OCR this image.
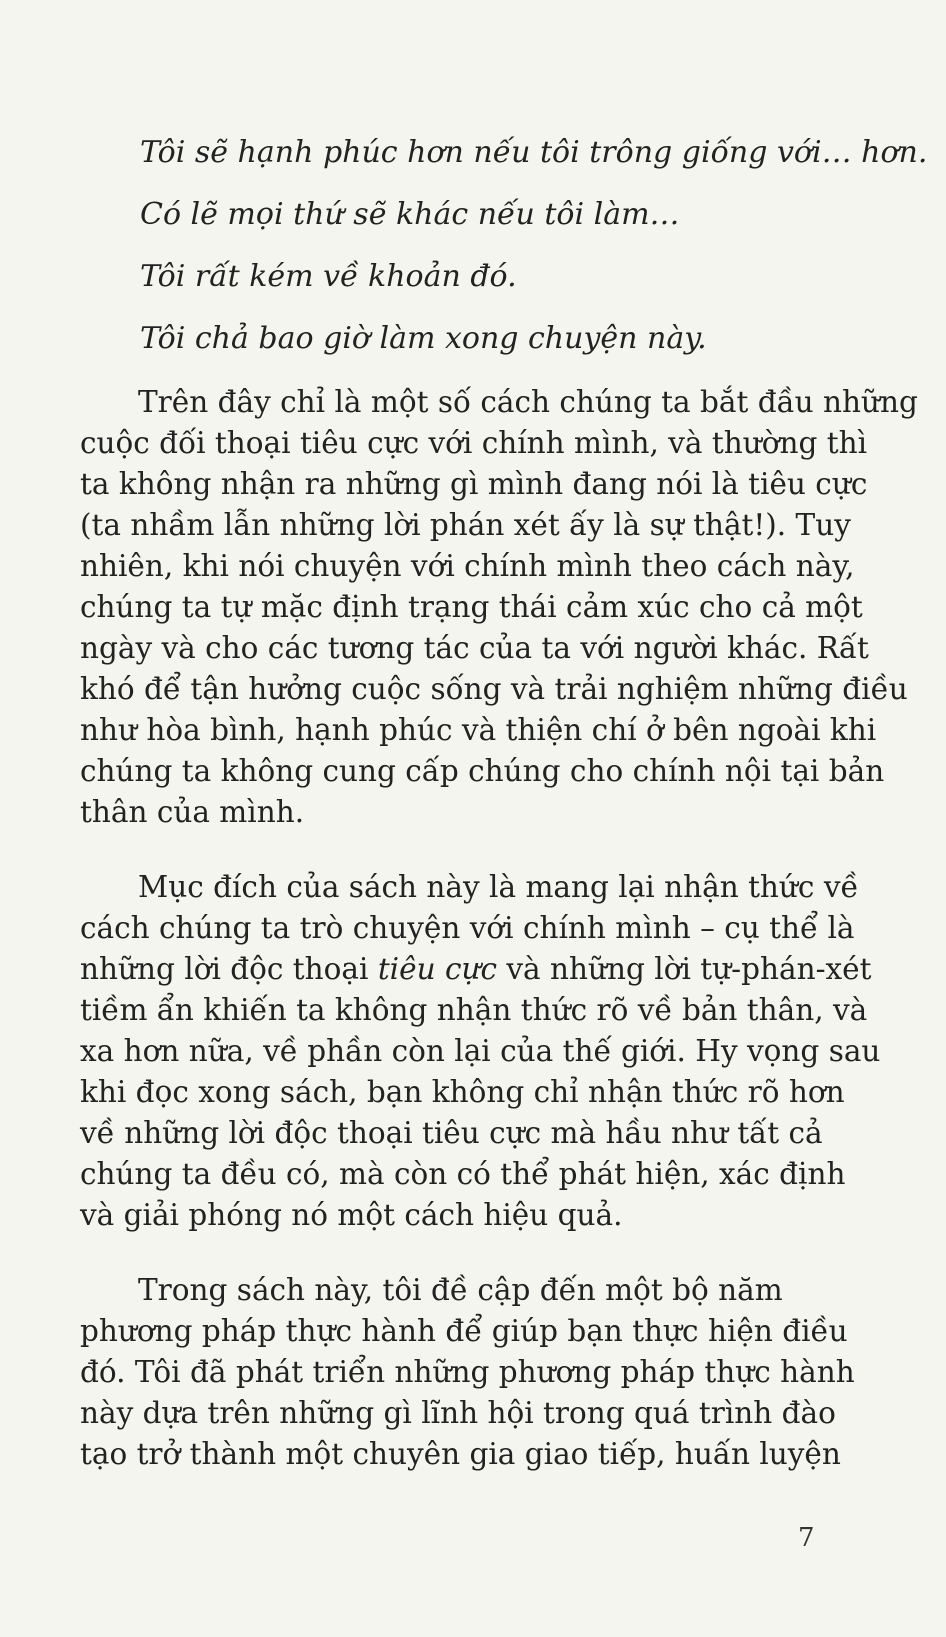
Tôi sẽ hạnh phúc hơn nếu tôi trông giống với… hơn.

Có lẽ mọi thứ sẽ khác nếu tôi làm…

Tôi rất kém về khoản đó.

Tôi chả bao giờ làm xong chuyện này.

Trên đây chỉ là một số cách chúng ta bắt đầu những
cuộc đối thoại tiêu cực với chính mình, và thường thì
ta không nhận ra những gì mình đang nói là tiêu cực
(ta nhầm lẫn những lời phán xét ấy là sự thật!). Tuy
nhiên, khi nói chuyện với chính mình theo cách này,
chúng ta tự mặc định trạng thái cảm xúc cho cả một
ngày và cho các tương tác của ta với người khác. Rất
khó để tận hưởng cuộc sống và trải nghiệm những điều
như hòa bình, hạnh phúc và thiện chí ở bên ngoài khi
chúng ta không cung cấp chúng cho chính nội tại bản
thân của mình.

Mục đích của sách này là mang lại nhận thức về
cách chúng ta trò chuyện với chính mình – cụ thể là
những lời độc thoại tiêu cực và những lời tự-phán-xét
tiềm ẩn khiến ta không nhận thức rõ về bản thân, và
xa hơn nữa, về phần còn lại của thế giới. Hy vọng sau
khi đọc xong sách, bạn không chỉ nhận thức rõ hơn
về những lời độc thoại tiêu cực mà hầu như tất cả
chúng ta đều có, mà còn có thể phát hiện, xác định
và giải phóng nó một cách hiệu quả.

Trong sách này, tôi đề cập đến một bộ năm
phương pháp thực hành để giúp bạn thực hiện điều
đó. Tôi đã phát triển những phương pháp thực hành
này dựa trên những gì lĩnh hội trong quá trình đào
tạo trở thành một chuyên gia giao tiếp, huấn luyện

7
